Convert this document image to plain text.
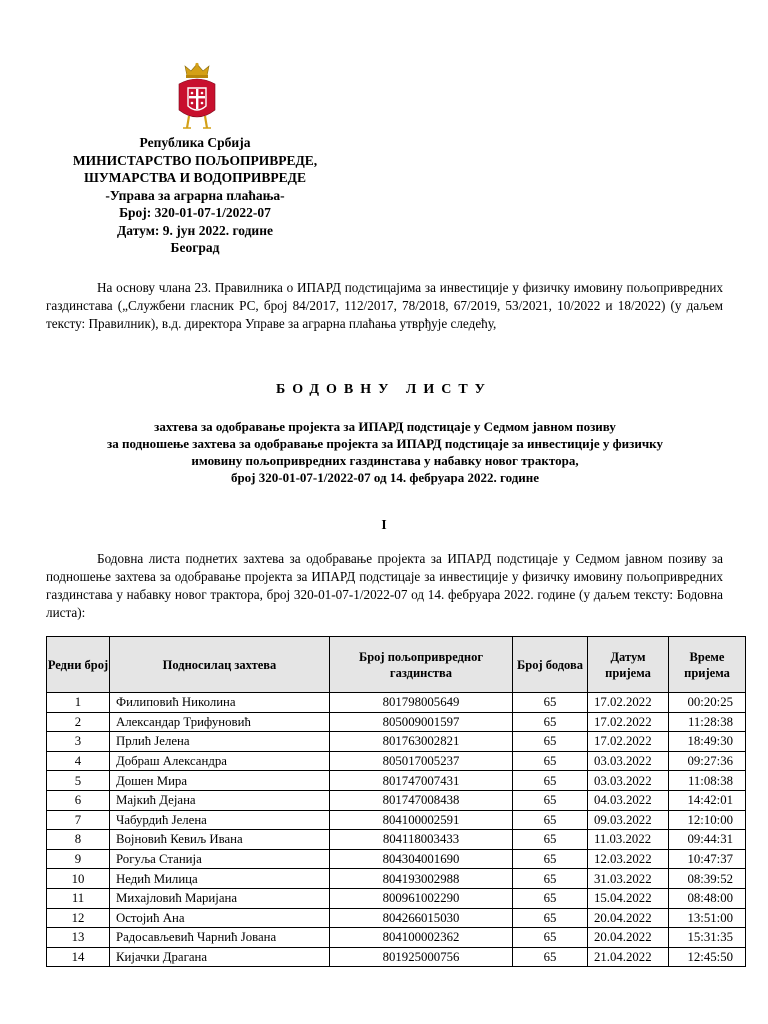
Република Србија
МИНИСТАРСТВО ПОЉОПРИВРЕДЕ,
ШУМАРСТВА И ВОДОПРИВРЕДЕ
-Управа за аграрна плаћања-
Број: 320-01-07-1/2022-07
Датум: 9. јун 2022. године
Београд
На основу члана 23. Правилника о ИПАРД подстицајима за инвестиције у физичку имовину пољопривредних газдинстава („Службени гласник РС, број 84/2017, 112/2017, 78/2018, 67/2019, 53/2021, 10/2022 и 18/2022) (у даљем тексту: Правилник), в.д. директора Управе за аграрна плаћања утврђује следећу,
БОДОВНУ ЛИСТУ
захтева за одобравање пројекта за ИПАРД подстицаје у Седмом јавном позиву
за подношење захтева за одобравање пројекта за ИПАРД подстицаје за инвестиције у физичку
имовину пољопривредних газдинстава у набавку новог трактора,
број 320-01-07-1/2022-07 од 14. фебруара 2022. године
I
Бодовна листа поднетих захтева за одобравање пројекта за ИПАРД подстицаје у Седмом јавном позиву за подношење захтева за одобравање пројекта за ИПАРД подстицаје за инвестиције у физичку имовину пољопривредних газдинстава у набавку новог трактора, број 320-01-07-1/2022-07 од 14. фебруара 2022. године (у даљем тексту: Бодовна листа):
Редни број	Подносилац захтева	Број пољопривредног газдинства	Број бодова	Датум пријема	Време пријема
1	Филиповић Николина	801798005649	65	17.02.2022	00:20:25
2	Александар Трифуновић	805009001597	65	17.02.2022	11:28:38
3	Прлић Јелена	801763002821	65	17.02.2022	18:49:30
4	Добраш Александра	805017005237	65	03.03.2022	09:27:36
5	Дошен Мира	801747007431	65	03.03.2022	11:08:38
6	Мајкић Дејана	801747008438	65	04.03.2022	14:42:01
7	Чабурдић Јелена	804100002591	65	09.03.2022	12:10:00
8	Војновић Кевиљ Ивана	804118003433	65	11.03.2022	09:44:31
9	Рогуља Станија	804304001690	65	12.03.2022	10:47:37
10	Недић Милица	804193002988	65	31.03.2022	08:39:52
11	Михајловић Маријана	800961002290	65	15.04.2022	08:48:00
12	Остојић Ана	804266015030	65	20.04.2022	13:51:00
13	Радосављевић Чарнић Јована	804100002362	65	20.04.2022	15:31:35
14	Кијачки Драгана	801925000756	65	21.04.2022	12:45:50
